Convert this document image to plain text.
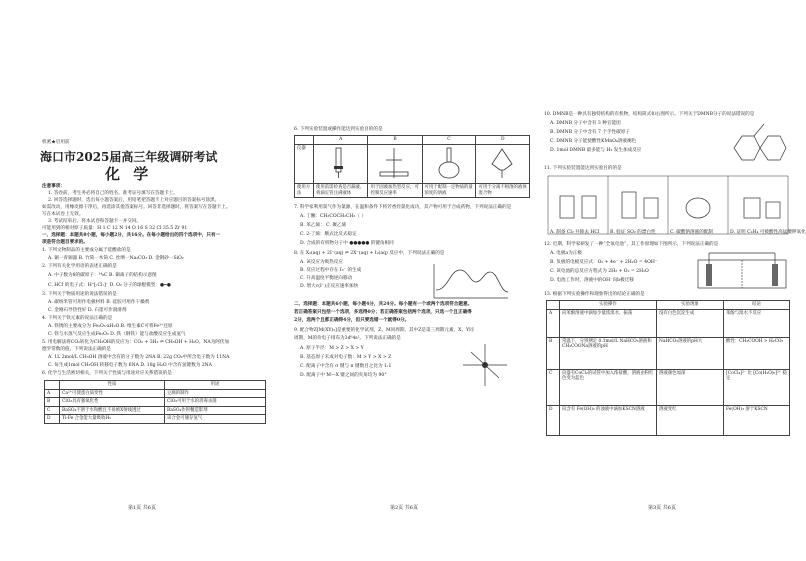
机密★启用前
海口市2025届高三年级调研考试
化 学
注意事项：
1. 答卷前，考生务必将自己的姓名、准考证号填写在答题卡上。
2. 回答选择题时，选出每小题答案后，用铅笔把答题卡上对应题目的答案标号涂黑。
如需改动，用橡皮擦干净后，再选涂其他答案标号。回答非选择题时，将答案写在答题卡上。
写在本试卷上无效。
3. 考试结束后，将本试卷和答题卡一并交回。
可能用到的相对原子质量：H 1 C 12 N 14 O 16 S 32 Cl 35.5 Zr 91
一、选择题：本题共8小题，每小题2分，共16分。在每小题给出的四个选项中，只有一
项是符合题目要求的。
1. 下列文物制品的主要成分属于硅酸盐的是
A. 铜一青铜器 B. 竹简一木简 C. 丝绸一Na₂CO₃ D. 金钢砂一SiO₂
2. 下列有关化学用语的表述正确的是
A. 中子数为8的碳原子：¹⁴₆C B. 铜离子的结构示意图
C. HCl 的电子式：H⁺[:Cl:]⁻ D. O₂ 分子的球棍模型：●━●
3. 下列关于物质用途的说法错误的是
A. 碳纳米管可用作电极材料 B. 硅胶可用作干燥剂
C. 金刚石导热性好 D. 石墨可作润滑剂
4. 下列关于铁元素的说法正确的是
A. 铁锈的主要成分为 Fe₂O₃·xH₂O B. 维生素C可将Fe³⁺还原
C. 铁与水蒸气反应生成Fe₂O₃ D. 铁（钢铁）能与盐酸反应生成氢气
5. 用电解法将CO₂转化为CH₃OH的反应为：CO₂ + 3H₂ ⇌ CH₃OH + H₂O。NA为阿伏加
德罗常数的值，下列说法正确的是
A. 1L 2mol/L CH₃OH 溶液中含有的分子数为 2NA B. 22g CO₂中所含电子数为 11NA
C. 每生成1mol CH₃OH 转移电子数为 6NA D. 18g H₂O 中含有氢键数为 2NA
6. 化学与生活密切相关，下列关于性质与用途对应关系错误的是
	性质	用途
A	Ca²⁺可使蛋白质变性	豆腐的制作
B	ClO₂具有强氧化性	ClO₂可用于水的消毒杀菌
C	BaSO₄不溶于水和酸且不易被X射线透过	BaSO₄作钡餐造影剂
D	Ti-Fe 合金能大量吸收H₂	该合金可储存氢气
第1页 共6页
6. 下列实验装置或操作能达到实验目的的是
	A	B	C	D
仪器				
使用方法	使用前需检查是否漏液，将滴定管注满液体	用于固液加热型反应，可控制反应速率	可用于配制一定物质的量浓度的溶液	可用于分离不相溶的液体混合物
7. 科学家利用氯气作为氯源，在温和条件下将芳香烃氯化成功，其产物可用于合成药物，下列说法正确的是
A. 丁酮：CH₃COCH₂CH₃（ ）
B. 苯乙烯： C. 聚乙烯
C. 2-丁烯：顺式比反式稳定
D. 合成的有机物分子中 ●●●●● 的键角相同
8. 在 X₂(aq) + 2I⁻(aq) ⇌ 2X⁻(aq) + I₂(aq) 反应中，下列说法正确的是
A. 该反应为吸热反应
B. 反应过程中存在 I₃⁻ 的生成
C. 升高温度平衡逆向移动
D. 增大c(I⁻)正反应速率加快
二、选择题：本题共6小题，每小题4分，共24分。每小题有一个或两个选项符合题意。
若正确答案只包括一个选项，多选得0分；若正确答案包括两个选项，只选一个且正确得
2分，选两个且都正确得4分，但只要选错一个就得0分。
9. 配合物Z[M(XY)₃]是重要的化学试剂，Z、M同周期，其中Z是第三周期元素，X、Y同
周期，M的价电子排布为3d⁶4s²。下列说法正确的是
A. 原子半径：M > Z > X > Y
B. 基态原子未成对电子数：M > Y > X > Z
C. 配离子中含有 σ 键与 π 键数目之比为 1:1
D. 配离子中 M—X 键之间的夹角均为 90°
第2页 共6页
10. DMNB是一种具有独特结构的有机物，结构简式如右图所示。下列关于DMNB分子的说法错误的是
A. DMNB 分子中含有 3 种官能团
B. DMNB 分子中含有 7 个手性碳原子
C. DMNB 分子能使酸性KMnO₄溶液褪色
D. 1mol DMNB 最多能与 H₂ 发生加成反应
11. 下列实验装置能达到实验目的的是
A. 制备 Cl₂ 并除去 HCl	B. 验证 SO₂ 的漂白性	C. 碳酸钠溶液的配制	D. 证明 C₂H₄ 可被酸性高锰酸钾氧化
12. 近期，科学家研发了一种“全氧电池”，其工作原理如下图所示，下列说法正确的是
A. 电极a为正极
B. 负极的电极反应式：O₂ + 4e⁻ + 2H₂O = 4OH⁻
C. 该电池的总反应方程式为 2H₂ + O₂ = 2H₂O
D. 电池工作时，溶液中的OH⁻向b极迁移
13. 根据下列实验操作和现象得出的结论正确的是
	实验操作	实验现象	结论
A	向苯酚溶液中滴加少量浓溴水，振荡	没有白色沉淀生成	苯酚与溴水不反应
B	常温下，分别测定 0.1mol/L NaHCO₃溶液和CH₃COONa溶液的pH	NaHCO₃溶液的pH大	酸性：CH₃COOH > H₂CO₃
C	向盛有CoCl₂的试管中加入浓盐酸，溶液由粉红色变为蓝色	溶液颜色加深	[CoCl₄]²⁻ 比 [Co(H₂O)₆]²⁺ 稳定
D	向含有 Fe(OH)₃ 的浊液中滴加KSCN溶液	溶液变红	Fe(OH)₃ 溶于KSCN
第3页 共6页
